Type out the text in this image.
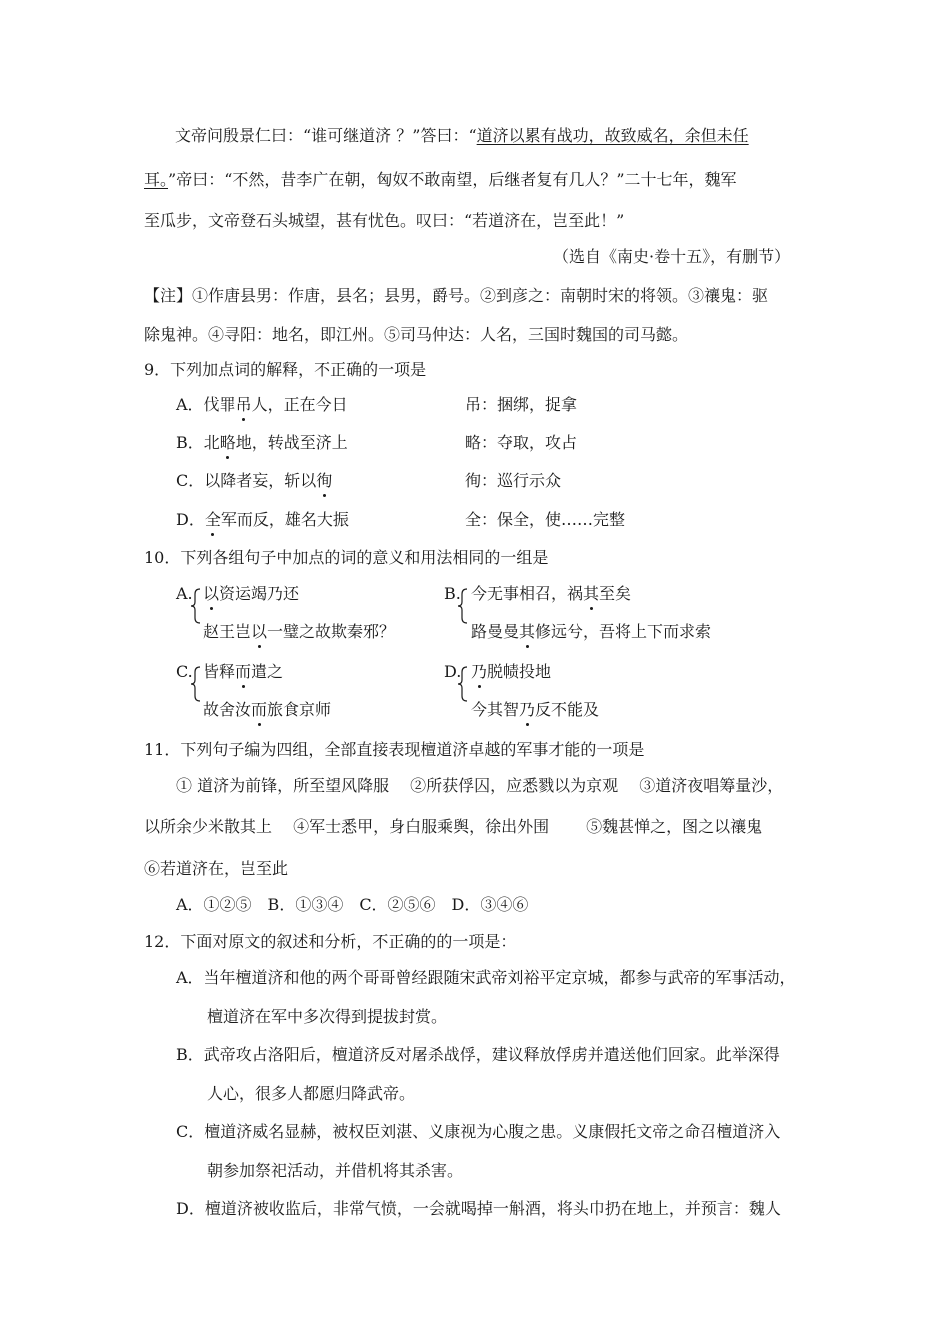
文帝问殷景仁曰：“谁可继道济 ？”答曰：“道济以累有战功，故致威名，余但未任
耳。”帝曰：“不然，昔李广在朝，匈奴不敢南望，后继者复有几人？”二十七年，魏军
至瓜步，文帝登石头城望，甚有忧色。叹曰：“若道济在，岂至此！”
（选自《南史·卷十五》，有删节）
【注】①作唐县男：作唐，县名；县男，爵号。②到彦之：南朝时宋的将领。③禳鬼：驱
除鬼神。④寻阳：地名，即江州。⑤司马仲达：人名，三国时魏国的司马懿。
9．下列加点词的解释，不正确的一项是
A．伐罪吊人，正在今日	吊：捆绑，捉拿
B．北略地，转战至济上	略：夺取，攻占
C．以降者妄，斩以徇	徇：巡行示众
D．全军而反，雄名大振	全：保全，使……完整
10．下列各组句子中加点的词的意义和用法相同的一组是
A. 以资运竭乃还
赵王岂以一璧之故欺秦邪？
B. 今无事相召，祸其至矣
路曼曼其修远兮，吾将上下而求索
C. 皆释而遣之
故舍汝而旅食京师
D. 乃脱帻投地
今其智乃反不能及
11．下列句子编为四组，全部直接表现檀道济卓越的军事才能的一项是
① 道济为前锋，所至望风降服　 ②所获俘囚，应悉戮以为京观　 ③道济夜唱筹量沙，
以所余少米散其上　 ④军士悉甲，身白服乘舆，徐出外围　　 ⑤魏甚惮之，图之以禳鬼
⑥若道济在，岂至此
A．①②⑤　B．①③④　C．②⑤⑥　D．③④⑥
12．下面对原文的叙述和分析，不正确的的一项是：
A．当年檀道济和他的两个哥哥曾经跟随宋武帝刘裕平定京城，都参与武帝的军事活动，
檀道济在军中多次得到提拔封赏。
B．武帝攻占洛阳后，檀道济反对屠杀战俘，建议释放俘虏并遣送他们回家。此举深得
人心，很多人都愿归降武帝。
C．檀道济威名显赫，被权臣刘湛、义康视为心腹之患。义康假托文帝之命召檀道济入
朝参加祭祀活动，并借机将其杀害。
D．檀道济被收监后，非常气愤，一会就喝掉一斛酒，将头巾扔在地上，并预言：魏人
